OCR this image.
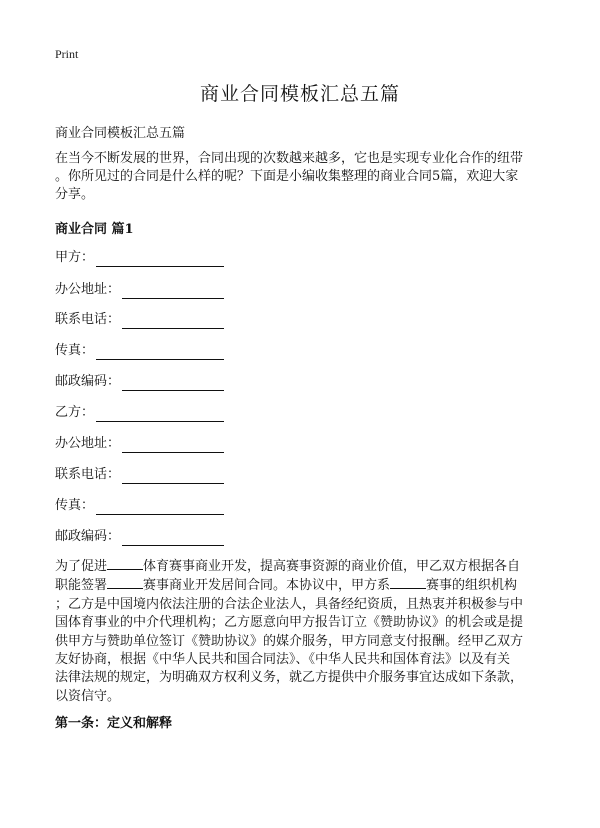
Print
商业合同模板汇总五篇
商业合同模板汇总五篇
在当今不断发展的世界，合同出现的次数越来越多，它也是实现专业化合作的纽带
。你所见过的合同是什么样的呢？下面是小编收集整理的商业合同5篇，欢迎大家
分享。
商业合同 篇1
甲方：
办公地址：
联系电话：
传真：
邮政编码：
乙方：
办公地址：
联系电话：
传真：
邮政编码：
为了促进	体育赛事商业开发，提高赛事资源的商业价值，甲乙双方根据各自
职能签署	赛事商业开发居间合同。本协议中，甲方系	赛事的组织机构
；乙方是中国境内依法注册的合法企业法人，具备经纪资质，且热衷并积极参与中
国体育事业的中介代理机构；乙方愿意向甲方报告订立《赞助协议》的机会或是提
供甲方与赞助单位签订《赞助协议》的媒介服务，甲方同意支付报酬。经甲乙双方
友好协商，根据《中华人民共和国合同法》、《中华人民共和国体育法》以及有关
法律法规的规定，为明确双方权利义务，就乙方提供中介服务事宜达成如下条款，
以资信守。
第一条：定义和解释
